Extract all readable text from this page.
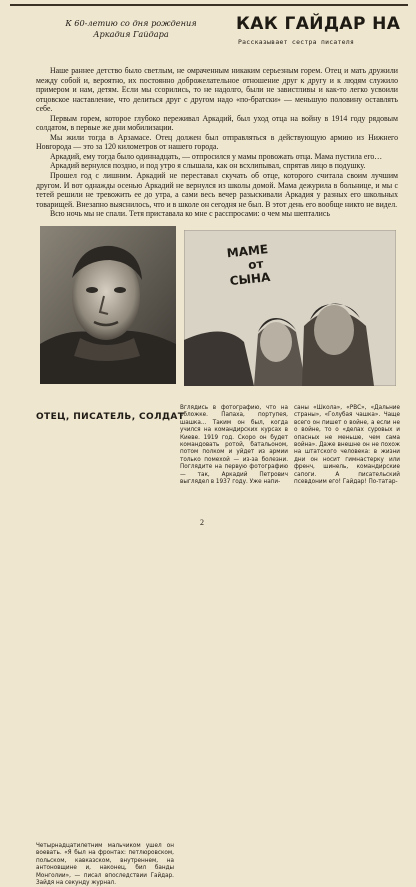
К 60-летию со дня рождения
Аркадия Гайдара	КАК ГАЙДАР НА
Рассказывает сестра писателя

Наше раннее детство было светлым, не омраченным никаким серьезным горем. Отец и мать дружили между собой и, вероятно, их постоянно доброжелательное отношение друг к другу и к людям служило примером и нам, детям. Если мы ссорились, то не надолго, были не завистливы и как-то легко усвоили отцовское наставление, что делиться друг с другом надо «по-братски» — меньшую половину оставлять себе.

Первым горем, которое глубоко переживал Аркадий, был уход отца на войну в 1914 году рядовым солдатом, в первые же дни мобилизации.

Мы жили тогда в Арзамасе. Отец должен был отправляться в действующую армию из Нижнего Новгорода — это за 120 километров от нашего города.

Аркадий, ему тогда было одиннадцать, — отпросился у мамы провожать отца. Мама пустила его…

Аркадий вернулся поздно, и под утро я слышала, как он всхлипывал, спрятав лицо в подушку.

Прошел год с лишним. Аркадий не переставал скучать об отце, которого считала своим лучшим другом. И вот однажды осенью Аркадий не вернулся из школы домой. Мама дежурила в больнице, и мы с тетей решили не тревожить ее до утра, а сами весь вечер разыскивали Аркадия у разных его школьных товарищей. Внезапно выяснилось, что и в школе он сегодня не был. В этот день его вообще никто не видел.

Всю ночь мы не спали. Тетя приставала ко мне с расспросами: о чем мы шептались

МАМЕ
от
СЫНА
ОТЕЦ, ПИСАТЕЛЬ, СОЛДАТ
Четырнадцатилетним мальчиком ушел он воевать. «Я был на фронтах: петлюровском, польском, кавказском, внутреннем, на антоновщине и, наконец, бил банды Монголии», — писал впоследствии Гайдар. Зайдя на секунду журнал.
Вглядись в фотографию, что на обложке. Папаха, портупея, шашка… Таким он был, когда учился на командирских курсах в Киеве. 1919 год. Скоро он будет командовать ротой, батальоном, потом полком и уйдет из армии только помехой — из-за болезни. Поглядите на первую фотографию — так, Аркадий Петрович выглядел в 1937 году. Уже напи-
саны «Школа», «РВС», «Дальние страны», «Голубая чашка». Чаще всего он пишет о войне, а если не о войне, то о «делах суровых и опасных не меньше, чем сама война». Даже внешне он не похож на штатского человека: в жизни дни он носит гимнастерку или френч, шинель, командирские сапоги. А писательский псевдоним его! Гайдар! По-татар-
2
